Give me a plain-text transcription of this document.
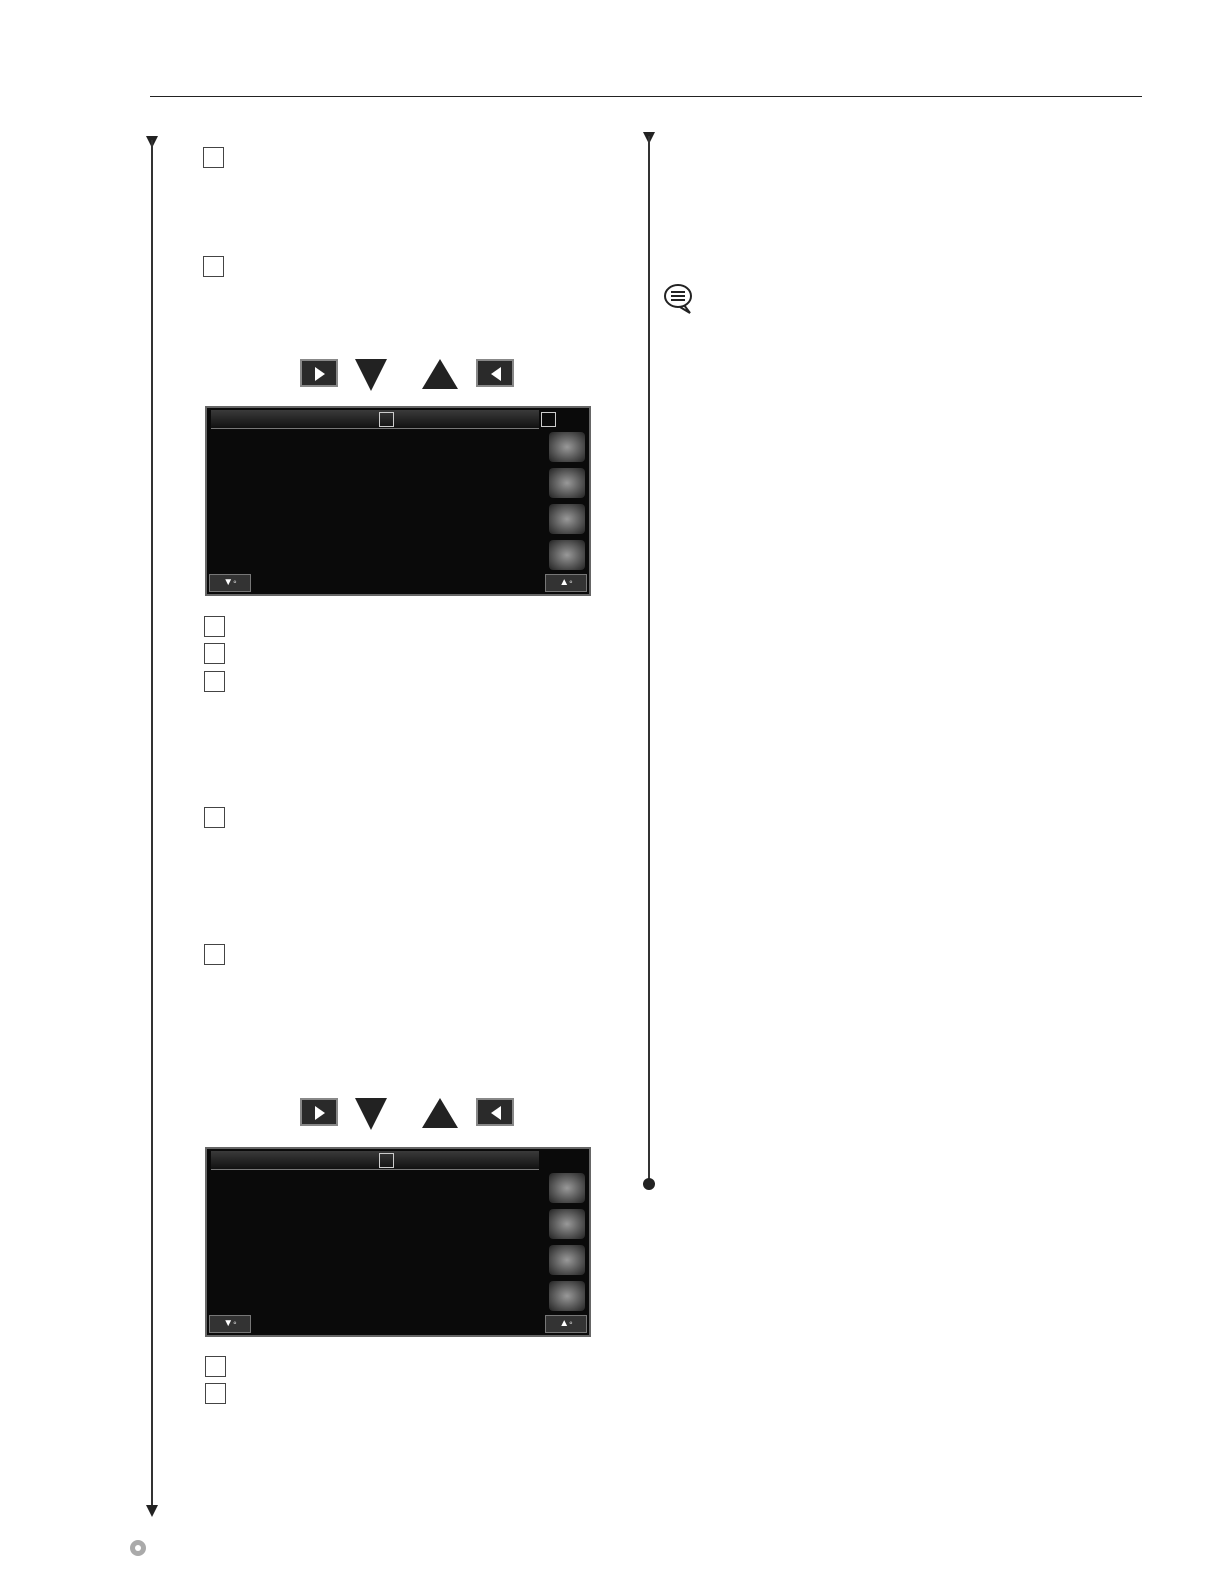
▼◦	▲◦
▼◦	▲◦
